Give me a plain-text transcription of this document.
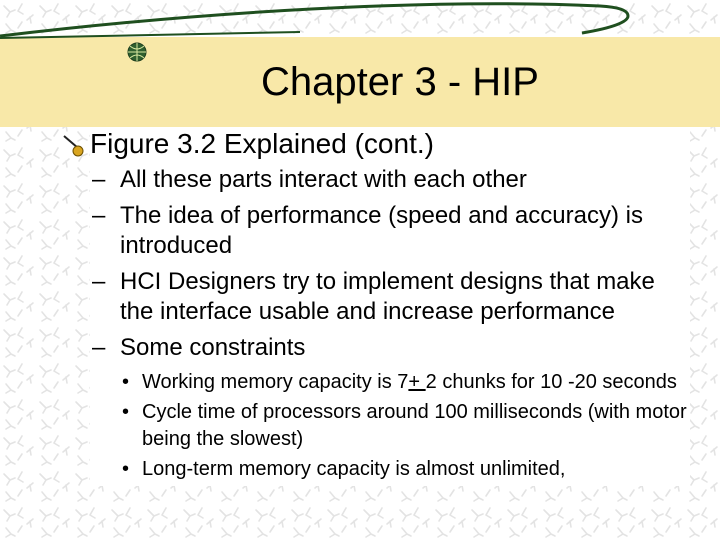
Chapter 3 - HIP
Figure 3.2 Explained (cont.)
– All these parts interact with each other
– The idea of performance (speed and accuracy) is introduced
– HCI Designers try to implement designs that make the interface usable and increase performance
– Some constraints
• Working memory capacity is 7+ 2 chunks for 10 -20 seconds
• Cycle time of processors around 100 milliseconds (with motor being the slowest)
• Long-term memory capacity is almost unlimited,
